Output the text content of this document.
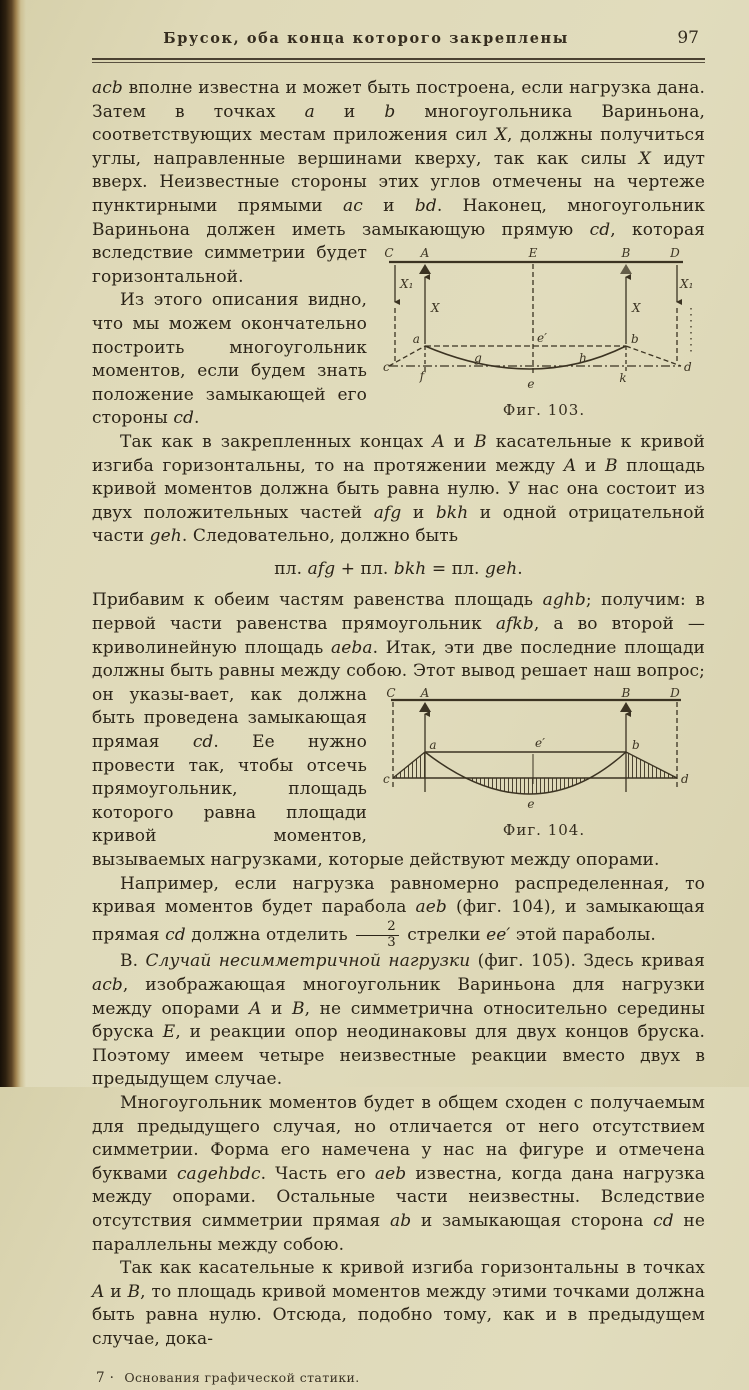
Брусок, оба конца которого закреплены	97

acb вполне известна и может быть построена, если нагрузка дана. Затем в точках a и b многоугольника Вариньона, соответствующих местам приложения сил X, должны получиться углы, направленные вершинами кверху, так как силы X идут вверх. Неизвестные стороны этих углов отмечены на чертеже пунктирными прямыми ac и bd. Наконец, многоугольник Вариньона должен иметь замыкающую прямую
C A	E	B	D
X₁	X₁
X	X
a	b
c	d
e′
g	h
f	k
e
Фиг. 103.
cd, которая вследствие симметрии будет горизонтальной.

Из этого описания видно, что мы можем окончательно построить многоугольник моментов, если будем знать положение замыкающей его стороны cd.

Так как в закрепленных концах A и B касательные к кривой изгиба горизонтальны, то на протяжении между A и B площадь кривой моментов должна быть равна нулю. У нас она состоит из двух положительных частей afg и bkh и одной отрицательной части geh. Следовательно, должно быть

пл. afg + пл. bkh = пл. geh.

Прибавим к обеим частям равенства площадь aghb; получим: в первой части равенства прямоугольник afkb, а во второй — криволинейную площадь aeba. Итак, эти две последние площади должны быть равны между собою. Этот вывод решает наш вопрос; он указы-	C A	B	D
a	b
c	d
e′
e
Фиг. 104.
вает, как должна быть проведена замыкающая прямая cd. Ее нужно провести так, чтобы отсечь прямоугольник, площадь которого равна площади кривой моментов, вызываемых нагрузками, которые действуют между опорами.

Например, если нагрузка равномерно распределенная, то кривая моментов будет парабола aeb (фиг. 104), и замыкающая прямая cd должна отделить $\frac{2}{3}$ стрелки ee′ этой параболы.

В. Случай несимметричной нагрузки (фиг. 105). Здесь кривая acb, изображающая многоугольник Вариньона для нагрузки между опорами A и B, не симметрична относительно середины бруска E, и реакции опор неодинаковы для двух концов бруска. Поэтому имеем четыре неизвестные реакции вместо двух в предыдущем случае.

Многоугольник моментов будет в общем сходен с получаемым для предыдущего случая, но отличается от него отсутствием симметрии. Форма его намечена у нас на фигуре и отмечена буквами cagehbdc. Часть его aeb известна, когда дана нагрузка между опорами. Остальные части неизвестны. Вследствие отсутствия симметрии прямая ab и замыкающая сторона cd не параллельны между собою.

Так как касательные к кривой изгиба горизонтальны в точках A и B, то площадь кривой моментов между этими точками должна быть равна нулю. Отсюда, подобно тому, как и в предыдущем случае, дока-

7 · Основания графической статики.
